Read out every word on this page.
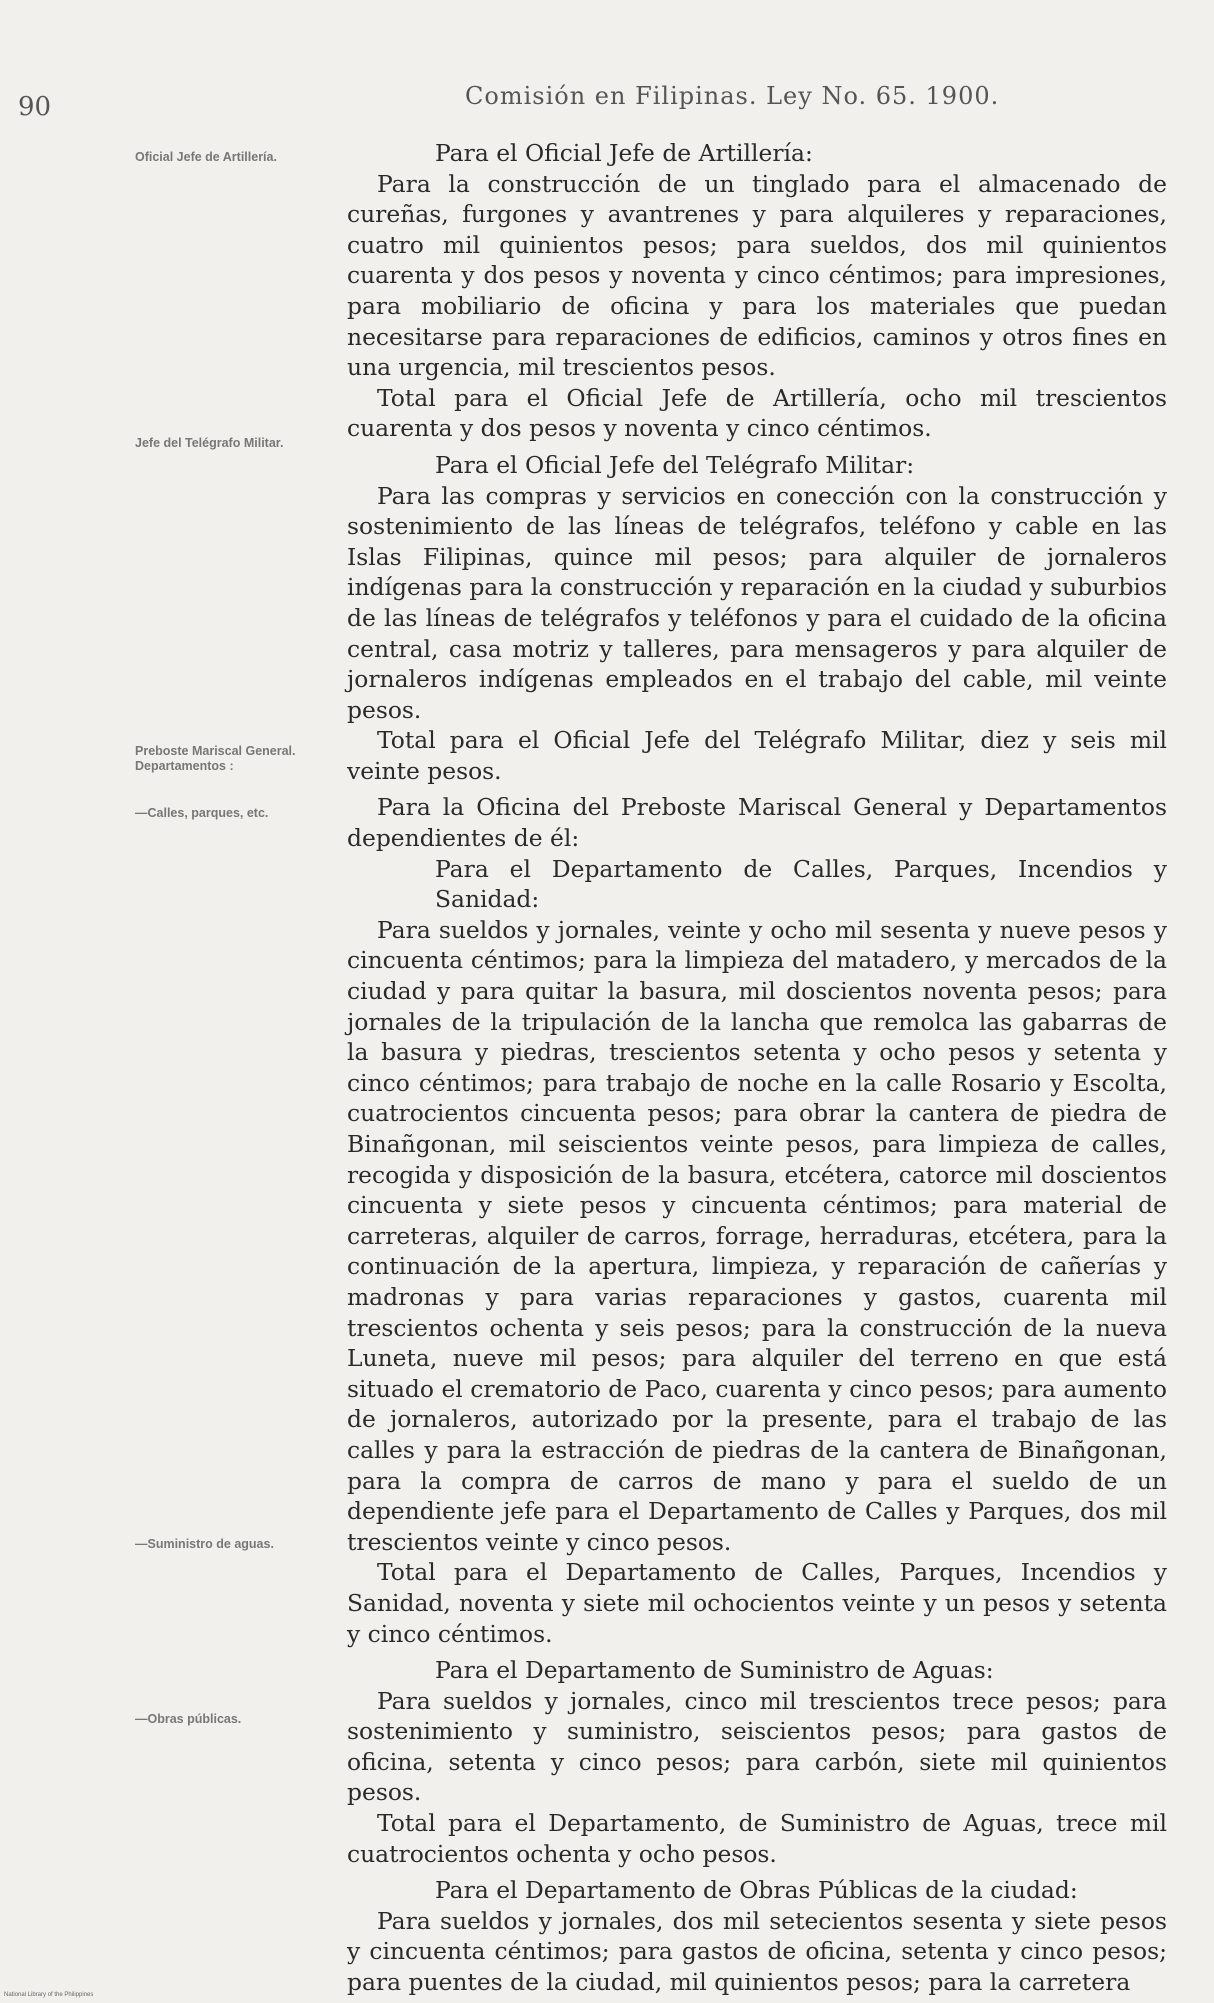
90	Comisión en Filipinas. Ley No. 65. 1900.
Oficial Jefe de Artillería.
Jefe del Telégrafo Militar.
Preboste Mariscal General. Departamentos :
—Calles, parques, etc.
—Suministro de aguas.
—Obras públicas.

Para el Oficial Jefe de Artillería:

Para la construcción de un tinglado para el almacenado de cureñas, furgones y avantrenes y para alquileres y reparaciones, cuatro mil quinientos pesos; para sueldos, dos mil quinientos cuarenta y dos pesos y noventa y cinco céntimos; para impresiones, para mobiliario de oficina y para los materiales que puedan necesitarse para reparaciones de edificios, caminos y otros fines en una urgencia, mil trescientos pesos.

Total para el Oficial Jefe de Artillería, ocho mil trescientos cuarenta y dos pesos y noventa y cinco céntimos.

Para el Oficial Jefe del Telégrafo Militar:

Para las compras y servicios en conección con la construcción y sostenimiento de las líneas de telégrafos, teléfono y cable en las Islas Filipinas, quince mil pesos; para alquiler de jornaleros indígenas para la construcción y reparación en la ciudad y suburbios de las líneas de telégrafos y teléfonos y para el cuidado de la oficina central, casa motriz y talleres, para mensageros y para alquiler de jornaleros indígenas empleados en el trabajo del cable, mil veinte pesos.

Total para el Oficial Jefe del Telégrafo Militar, diez y seis mil veinte pesos.

Para la Oficina del Preboste Mariscal General y Departamentos dependientes de él:

Para el Departamento de Calles, Parques, Incendios y Sanidad:

Para sueldos y jornales, veinte y ocho mil sesenta y nueve pesos y cincuenta céntimos; para la limpieza del matadero, y mercados de la ciudad y para quitar la basura, mil doscientos noventa pesos; para jornales de la tripulación de la lancha que remolca las gabarras de la basura y piedras, trescientos setenta y ocho pesos y setenta y cinco céntimos; para trabajo de noche en la calle Rosario y Escolta, cuatrocientos cincuenta pesos; para obrar la cantera de piedra de Binañgonan, mil seiscientos veinte pesos, para limpieza de calles, recogida y disposición de la basura, etcétera, catorce mil doscientos cincuenta y siete pesos y cincuenta céntimos; para material de carreteras, alquiler de carros, forrage, herraduras, etcétera, para la continuación de la apertura, limpieza, y reparación de cañerías y madronas y para varias reparaciones y gastos, cuarenta mil trescientos ochenta y seis pesos; para la construcción de la nueva Luneta, nueve mil pesos; para alquiler del terreno en que está situado el crematorio de Paco, cuarenta y cinco pesos; para aumento de jornaleros, autorizado por la presente, para el trabajo de las calles y para la estracción de piedras de la cantera de Binañgonan, para la compra de carros de mano y para el sueldo de un dependiente jefe para el Departamento de Calles y Parques, dos mil trescientos veinte y cinco pesos.

Total para el Departamento de Calles, Parques, Incendios y Sanidad, noventa y siete mil ochocientos veinte y un pesos y setenta y cinco céntimos.

Para el Departamento de Suministro de Aguas:

Para sueldos y jornales, cinco mil trescientos trece pesos; para sostenimiento y suministro, seiscientos pesos; para gastos de oficina, setenta y cinco pesos; para carbón, siete mil quinientos pesos.

Total para el Departamento, de Suministro de Aguas, trece mil cuatrocientos ochenta y ocho pesos.

Para el Departamento de Obras Públicas de la ciudad:

Para sueldos y jornales, dos mil setecientos sesenta y siete pesos y cincuenta céntimos; para gastos de oficina, setenta y cinco pesos; para puentes de la ciudad, mil quinientos pesos; para la carretera

National Library of the Philippines
